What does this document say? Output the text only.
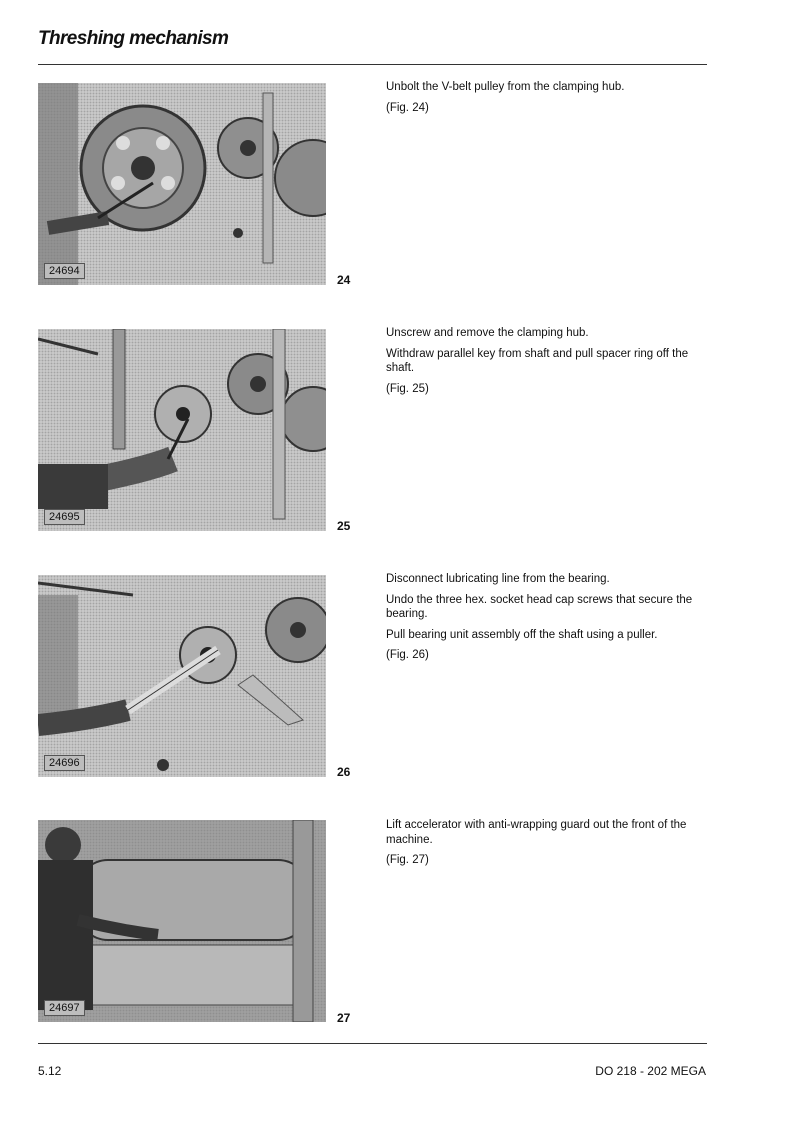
Threshing mechanism
24694
24

Unbolt the V-belt pulley from the clamping hub.

(Fig. 24)

24695
25

Unscrew and remove the clamping hub.

Withdraw parallel key from shaft and pull spacer ring off the shaft.

(Fig. 25)

24696
26

Disconnect lubricating line from the bearing.

Undo the three hex. socket head cap screws that secure the bearing.

Pull bearing unit assembly off the shaft using a puller.

(Fig. 26)

24697
27

Lift accelerator with anti-wrapping guard out the front of the machine.

(Fig. 27)

5.12	DO 218 - 202 MEGA
